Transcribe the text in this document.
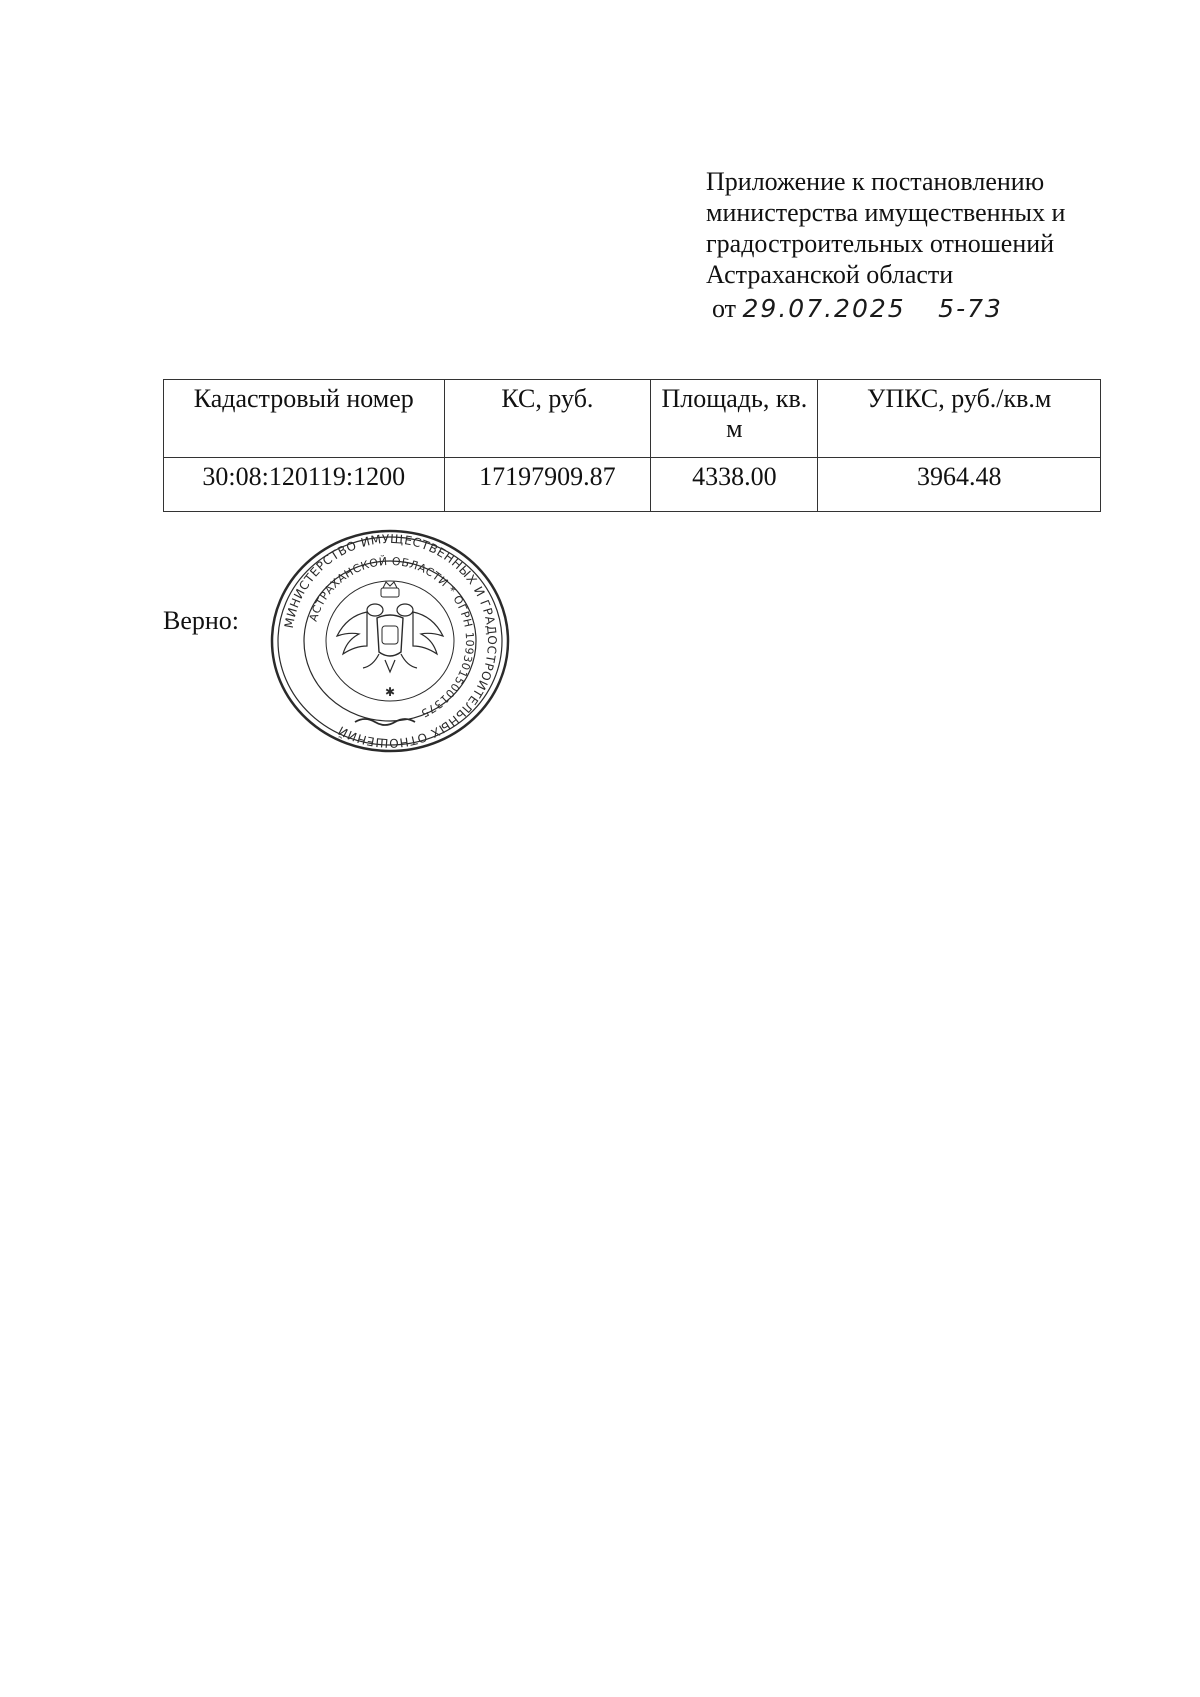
Приложение к постановлению
министерства имущественных и
градостроительных отношений
Астраханской области
от 29.07.2025 5-73
Кадастровый номер	КС, руб.	Площадь, кв. м	УПКС, руб./кв.м
30:08:120119:1200	17197909.87	4338.00	3964.48
Верно:	МИНИСТЕРСТВО ИМУЩЕСТВЕННЫХ И ГРАДОСТРОИТЕЛЬНЫХ ОТНОШЕНИЙ
АСТРАХАНСКОЙ ОБЛАСТИ * ОГРН 1093015001375
✱
